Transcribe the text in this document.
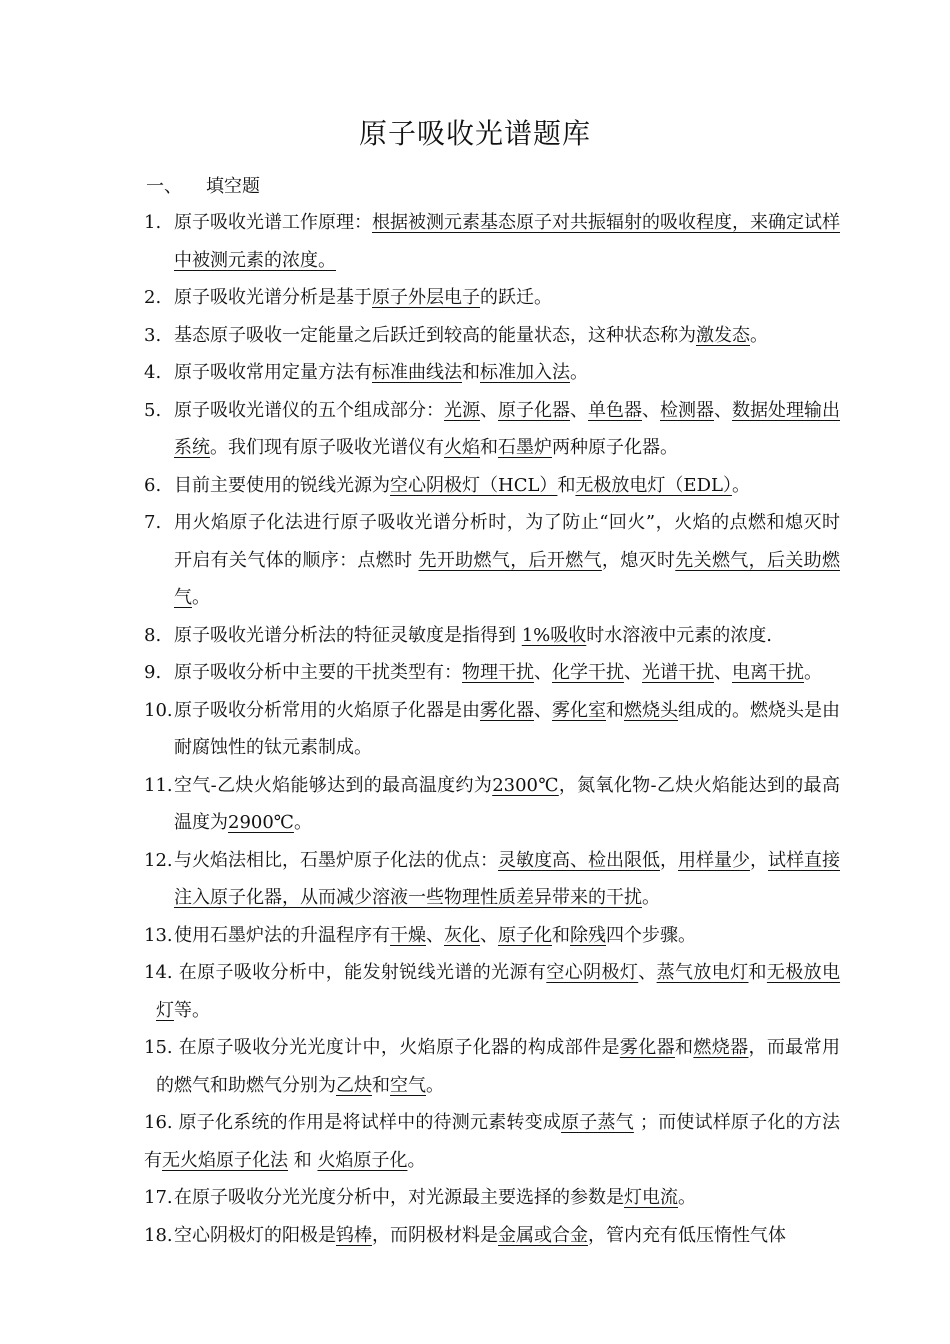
原子吸收光谱题库
一、 填空题
1. 原子吸收光谱工作原理：根据被测元素基态原子对共振辐射的吸收程度，来确定试样中被测元素的浓度。
2. 原子吸收光谱分析是基于原子外层电子的跃迁。
3. 基态原子吸收一定能量之后跃迁到较高的能量状态，这种状态称为激发态。
4. 原子吸收常用定量方法有标准曲线法和标准加入法。
5. 原子吸收光谱仪的五个组成部分：光源、原子化器、单色器、检测器、数据处理输出系统。我们现有原子吸收光谱仪有火焰和石墨炉两种原子化器。
6. 目前主要使用的锐线光源为空心阴极灯（HCL）和无极放电灯（EDL）。
7. 用火焰原子化法进行原子吸收光谱分析时，为了防止“回火”，火焰的点燃和熄灭时开启有关气体的顺序：点燃时 先开助燃气，后开燃气，熄灭时先关燃气，后关助燃气。
8. 原子吸收光谱分析法的特征灵敏度是指得到 1%吸收时水溶液中元素的浓度.
9. 原子吸收分析中主要的干扰类型有：物理干扰、化学干扰、光谱干扰、电离干扰。
10. 原子吸收分析常用的火焰原子化器是由雾化器、雾化室和燃烧头组成的。燃烧头是由耐腐蚀性的钛元素制成。
11. 空气-乙炔火焰能够达到的最高温度约为2300℃，氮氧化物-乙炔火焰能达到的最高温度为2900℃。
12. 与火焰法相比，石墨炉原子化法的优点：灵敏度高、检出限低，用样量少，试样直接注入原子化器，从而减少溶液一些物理性质差异带来的干扰。
13. 使用石墨炉法的升温程序有干燥、灰化、原子化和除残四个步骤。
14. 在原子吸收分析中，能发射锐线光谱的光源有空心阴极灯、蒸气放电灯和无极放电灯等。
15. 在原子吸收分光光度计中，火焰原子化器的构成部件是雾化器和燃烧器，而最常用的燃气和助燃气分别为乙炔和空气。
16. 原子化系统的作用是将试样中的待测元素转变成原子蒸气 ；而使试样原子化的方法有无火焰原子化法 和 火焰原子化。
17. 在原子吸收分光光度分析中，对光源最主要选择的参数是灯电流。
18. 空心阴极灯的阳极是钨棒，而阴极材料是金属或合金，管内充有低压惰性气体
